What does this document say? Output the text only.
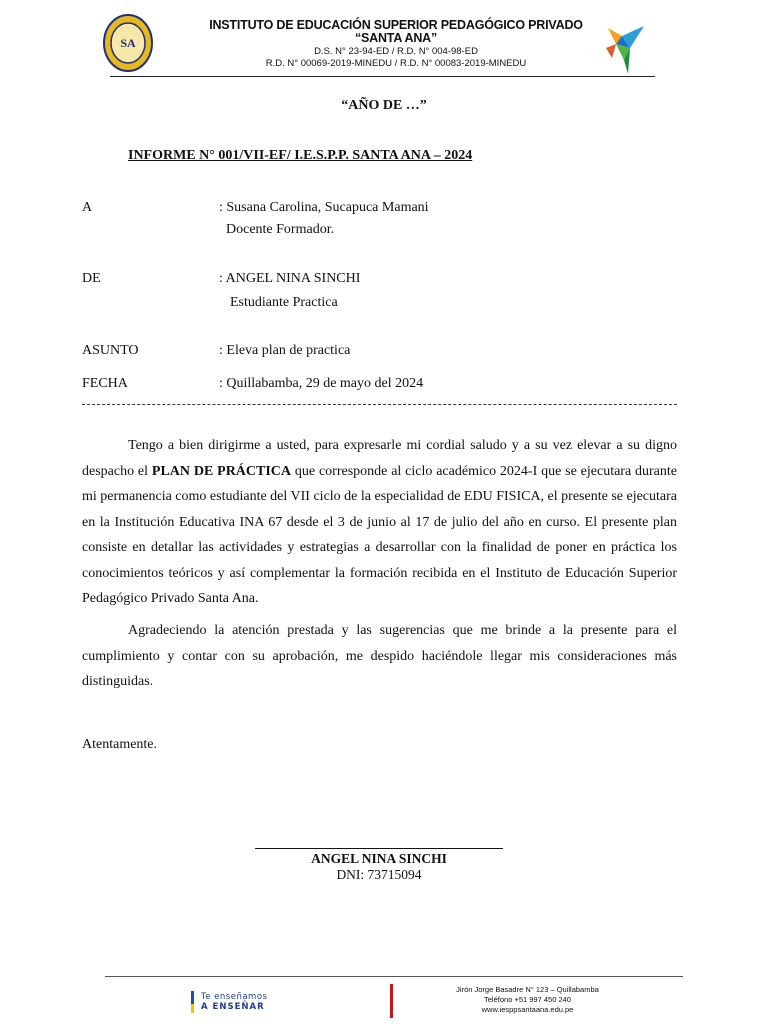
SA
INSTITUTO DE EDUCACIÓN SUPERIOR PEDAGÓGICO PRIVADO
“SANTA ANA”
D.S. N° 23-94-ED / R.D. N° 004-98-ED
R.D. N° 00069-2019-MINEDU / R.D. N° 00083-2019-MINEDU
“AÑO DE …”
INFORME N° 001/VII-EF/ I.E.S.P.P. SANTA ANA – 2024
A	: Susana Carolina, Sucapuca Mamani
Docente Formador.
DE	: ANGEL NINA SINCHI
Estudiante Practica
ASUNTO	: Eleva plan de practica
FECHA	: Quillabamba, 29 de mayo del 2024
Tengo a bien dirigirme a usted, para expresarle mi cordial saludo y a su vez elevar a su digno despacho el PLAN DE PRÁCTICA que corresponde al ciclo académico 2024-I que se ejecutara durante mi permanencia como estudiante del VII ciclo de la especialidad de EDU FISICA, el presente se ejecutara en la Institución Educativa INA 67 desde el 3 de junio al 17 de julio del año en curso. El presente plan consiste en detallar las actividades y estrategias a desarrollar con la finalidad de poner en práctica los conocimientos teóricos y así complementar la formación recibida en el Instituto de Educación Superior Pedagógico Privado Santa Ana.
Agradeciendo la atención prestada y las sugerencias que me brinde a la presente para el cumplimiento y contar con su aprobación, me despido haciéndole llegar mis consideraciones más distinguidas.
Atentamente.
ANGEL NINA SINCHI
DNI: 73715094
Te enseñamos
A ENSEÑAR
Jirón Jorge Basadre N° 123 – Quillabamba
Teléfono +51 997 450 240
www.iesppsantaana.edu.pe
